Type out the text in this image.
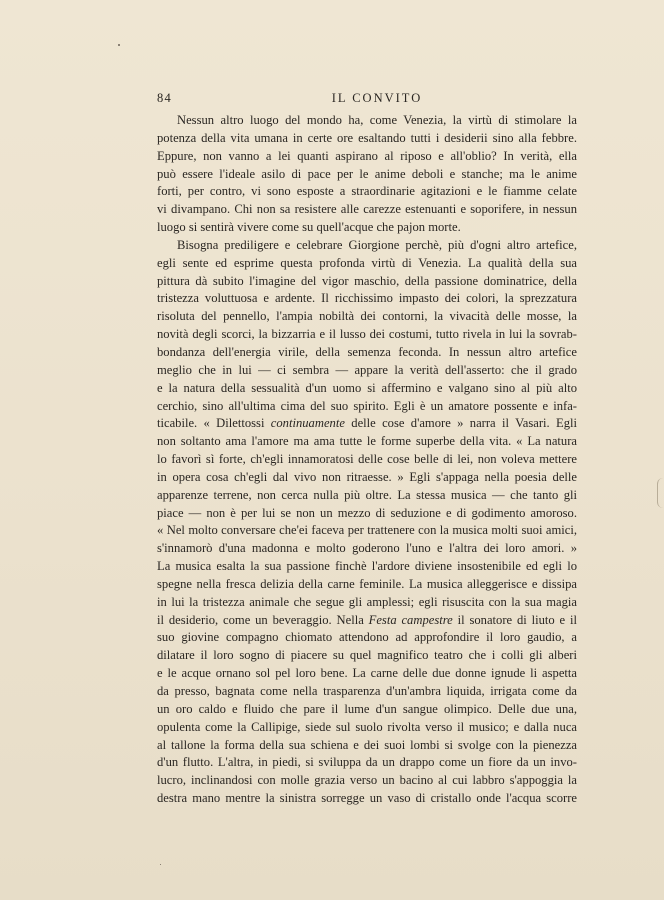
84	IL CONVITO
Nessun altro luogo del mondo ha, come Venezia, la virtù di stimolare la
potenza della vita umana in certe ore esaltando tutti i desiderii sino alla febbre.
Eppure, non vanno a lei quanti aspirano al riposo e all'oblio? In verità, ella
può essere l'ideale asilo di pace per le anime deboli e stanche; ma le anime
forti, per contro, vi sono esposte a straordinarie agitazioni e le fiamme celate
vi divampano. Chi non sa resistere alle carezze estenuanti e soporifere, in nessun
luogo si sentirà vivere come su quell'acque che pajon morte.
Bisogna prediligere e celebrare Giorgione perchè, più d'ogni altro artefice,
egli sente ed esprime questa profonda virtù di Venezia. La qualità della sua
pittura dà subito l'imagine del vigor maschio, della passione dominatrice, della
tristezza voluttuosa e ardente. Il ricchissimo impasto dei colori, la sprezzatura
risoluta del pennello, l'ampia nobiltà dei contorni, la vivacità delle mosse, la
novità degli scorci, la bizzarria e il lusso dei costumi, tutto rivela in lui la sovrab-
bondanza dell'energia virile, della semenza feconda. In nessun altro artefice
meglio che in lui — ci sembra — appare la verità dell'asserto: che il grado
e la natura della sessualità d'un uomo si affermino e valgano sino al più alto
cerchio, sino all'ultima cima del suo spirito. Egli è un amatore possente e infa-
ticabile. « Dilettossi continuamente delle cose d'amore » narra il Vasari. Egli
non soltanto ama l'amore ma ama tutte le forme superbe della vita. « La natura
lo favorì sì forte, ch'egli innamoratosi delle cose belle di lei, non voleva mettere
in opera cosa ch'egli dal vivo non ritraesse. » Egli s'appaga nella poesia delle
apparenze terrene, non cerca nulla più oltre. La stessa musica — che tanto gli
piace — non è per lui se non un mezzo di seduzione e di godimento amoroso.
« Nel molto conversare che'ei faceva per trattenere con la musica molti suoi amici,
s'innamorò d'una madonna e molto goderono l'uno e l'altra dei loro amori. »
La musica esalta la sua passione finchè l'ardore diviene insostenibile ed egli lo
spegne nella fresca delizia della carne feminile. La musica alleggerisce e dissipa
in lui la tristezza animale che segue gli amplessi; egli risuscita con la sua magia
il desiderio, come un beveraggio. Nella Festa campestre il sonatore di liuto e il
suo giovine compagno chiomato attendono ad approfondire il loro gaudio, a
dilatare il loro sogno di piacere su quel magnifico teatro che i colli gli alberi
e le acque ornano sol pel loro bene. La carne delle due donne ignude li aspetta
da presso, bagnata come nella trasparenza d'un'ambra liquida, irrigata come da
un oro caldo e fluido che pare il lume d'un sangue olimpico. Delle due una,
opulenta come la Callipige, siede sul suolo rivolta verso il musico; e dalla nuca
al tallone la forma della sua schiena e dei suoi lombi si svolge con la pienezza
d'un flutto. L'altra, in piedi, si sviluppa da un drappo come un fiore da un invo-
lucro, inclinandosi con molle grazia verso un bacino al cui labbro s'appoggia la
destra mano mentre la sinistra sorregge un vaso di cristallo onde l'acqua scorre
